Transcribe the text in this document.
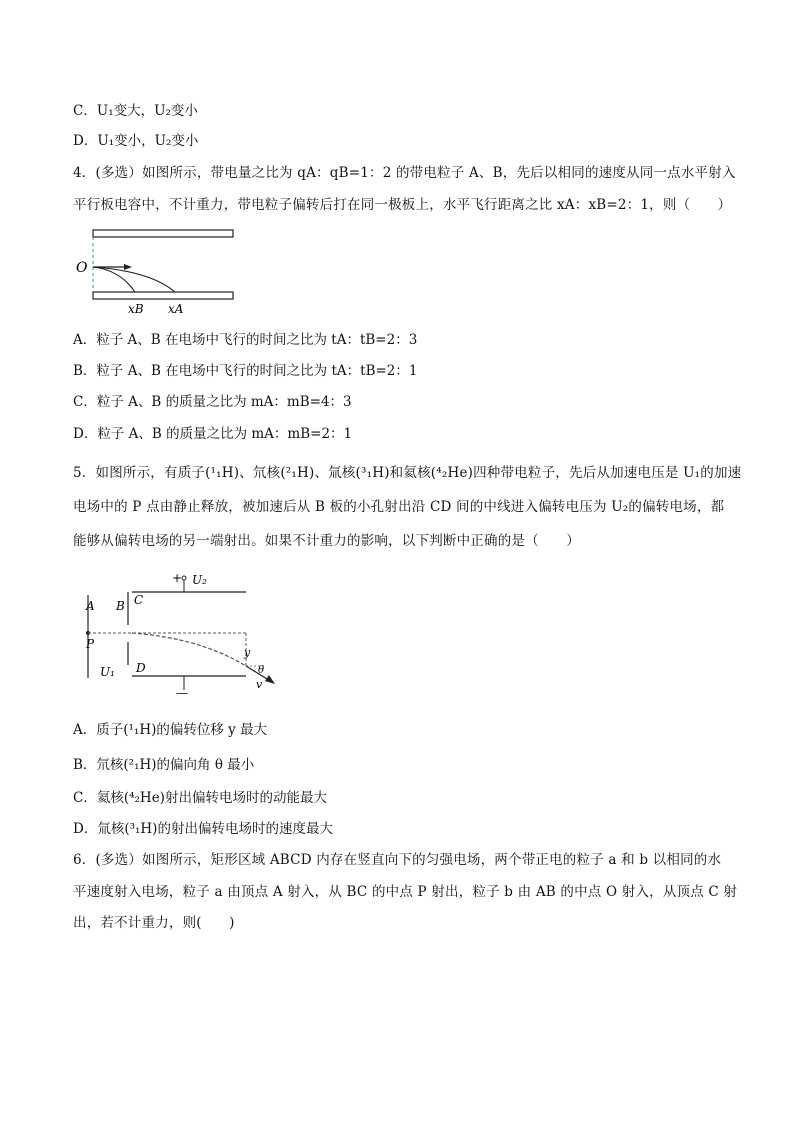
C．U₁变大，U₂变小
D．U₁变小，U₂变小
4．(多选）如图所示，带电量之比为 qA：qB=1：2 的带电粒子 A、B，先后以相同的速度从同一点水平射入
平行板电容中，不计重力，带电粒子偏转后打在同一极板上，水平飞行距离之比 xA：xB=2：1，则（　　）
O
xB xA
A．粒子 A、B 在电场中飞行的时间之比为 tA：tB=2：3
B．粒子 A、B 在电场中飞行的时间之比为 tA：tB=2：1
C．粒子 A、B 的质量之比为 mA：mB=4：3
D．粒子 A、B 的质量之比为 mA：mB=2：1
5．如图所示，有质子(¹₁H)、氘核(²₁H)、氚核(³₁H)和氦核(⁴₂He)四种带电粒子，先后从加速电压是 U₁的加速
电场中的 P 点由静止释放，被加速后从 B 板的小孔射出沿 CD 间的中线进入偏转电压为 U₂的偏转电场，都
能够从偏转电场的另一端射出。如果不计重力的影响，以下判断中正确的是（　　）
+ U₂
A B C
P
U₁ D
y
θ
v
—
A．质子(¹₁H)的偏转位移 y 最大
B．氘核(²₁H)的偏向角 θ 最小
C．氦核(⁴₂He)射出偏转电场时的动能最大
D．氚核(³₁H)的射出偏转电场时的速度最大
6．(多选）如图所示，矩形区域 ABCD 内存在竖直向下的匀强电场，两个带正电的粒子 a 和 b 以相同的水
平速度射入电场，粒子 a 由顶点 A 射入，从 BC 的中点 P 射出，粒子 b 由 AB 的中点 O 射入，从顶点 C 射
出，若不计重力，则(　　)
